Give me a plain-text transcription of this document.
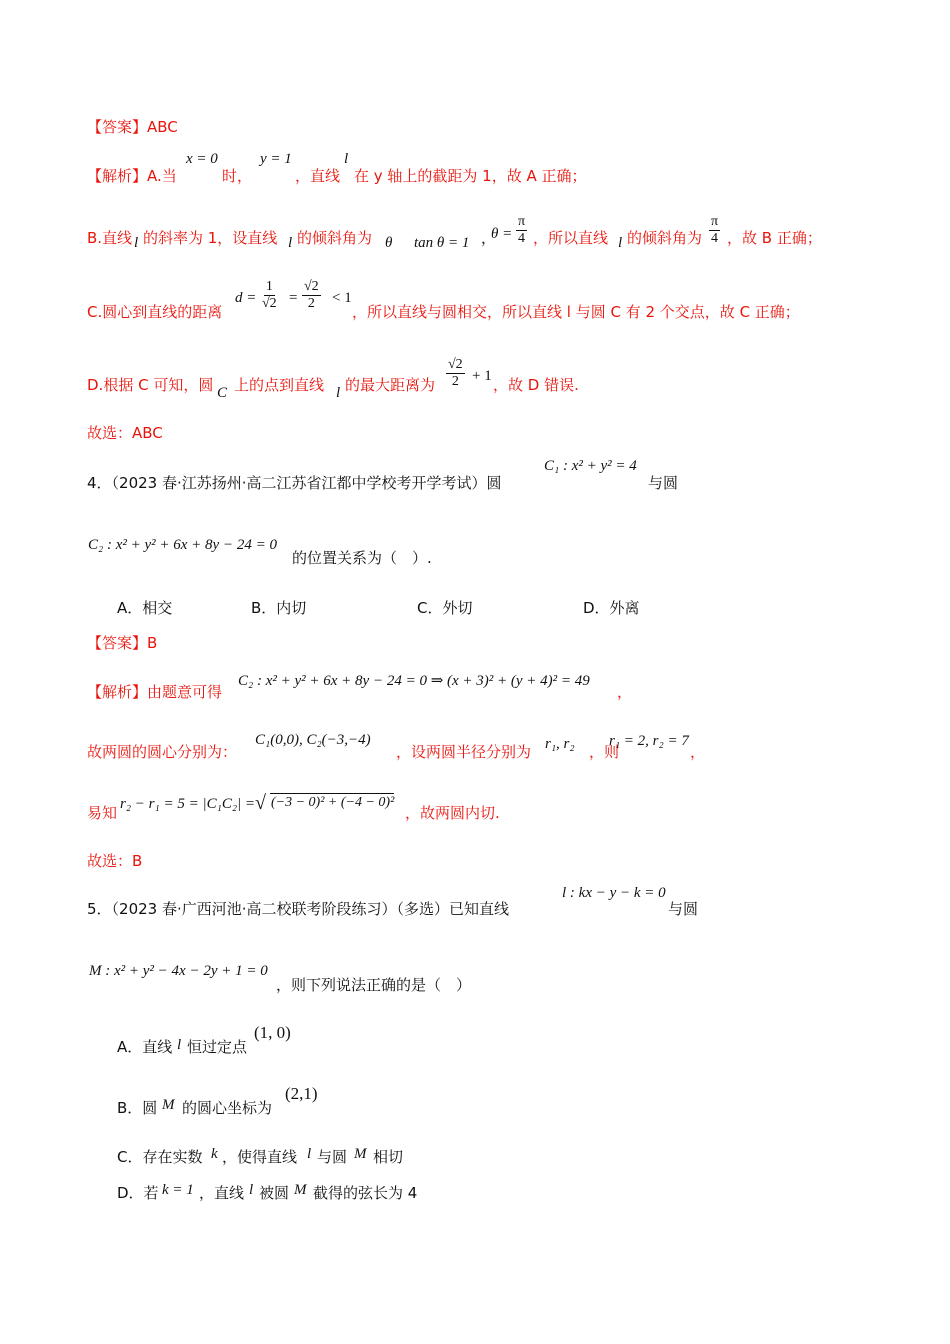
【答案】ABC
【解析】A.当
x = 0
时，
y = 1
，直线
l
在 y 轴上的截距为 1，故 A 正确；
B.直线 l 的斜率为 1，设直线 l 的倾斜角为 θ tan θ = 1 ，
$\theta = \frac{\pi}{4}$ ，所以直线 l 的倾斜角为 $\frac{\pi}{4}$ ，故 B 正确；
C.圆心到直线的距离
$d = \frac{1}{√2} = \frac{√2}{2} < 1$
，所以直线与圆相交，所以直线 l 与圆 C 有 2 个交点，故 C 正确；
D.根据 C 可知，圆 C 上的点到直线 l 的最大距离为 $\frac{√2}{2} + 1$ ，故 D 错误.
故选：ABC
4．（2023 春·江苏扬州·高二江苏省江都中学校考开学考试）圆
C₁ : x² + y² = 4
与圆
C₂ : x² + y² + 6x + 8y − 24 = 0
的位置关系为（　）.
A．相交	B．内切	C．外切	D．外离
【答案】B
【解析】由题意可得
C₂ : x² + y² + 6x + 8y − 24 = 0 ⇒ (x + 3)² + (y + 4)² = 49
，
故两圆的圆心分别为：
C₁(0,0), C₂(−3,−4)
，设两圆半径分别为 r₁, r₂ ，则
r₁ = 2, r₂ = 7
，
易知 r₂ − r₁ = 5 = |C₁C₂| = (−3 − 0)² + (−4 − 0)²
√	，故两圆内切.
故选：B
5．（2023 春·广西河池·高二校联考阶段练习）（多选）已知直线
l : kx − y − k = 0
与圆
M : x² + y² − 4x − 2y + 1 = 0
，则下列说法正确的是（　）
A．直线 l 恒过定点
(1, 0)
B．圆 M 的圆心坐标为
(2,1)
C．存在实数 k ，使得直线 l 与圆 M 相切
D．若 k = 1 ，直线 l 被圆 M 截得的弦长为 4
